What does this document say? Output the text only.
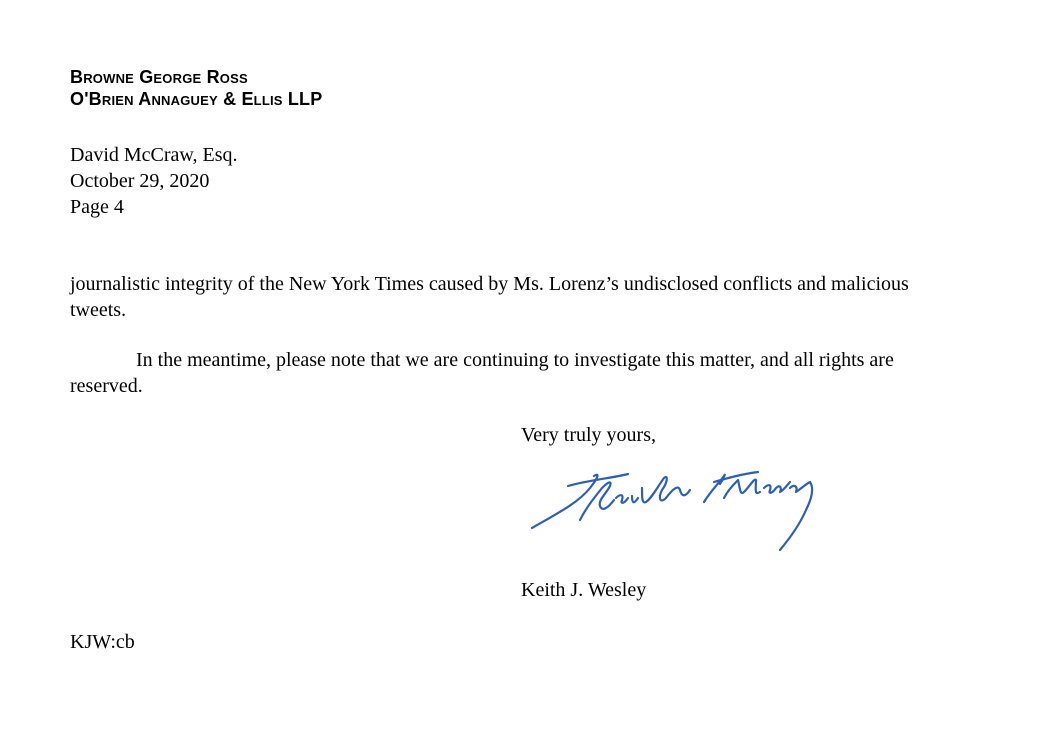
Browne George Ross
O'Brien Annaguey & Ellis LLP
David McCraw, Esq.
October 29, 2020
Page 4
journalistic integrity of the New York Times caused by Ms. Lorenz’s undisclosed conflicts and malicious tweets.
In the meantime, please note that we are continuing to investigate this matter, and all rights are reserved.
Very truly yours,
Keith J. Wesley
KJW:cb
